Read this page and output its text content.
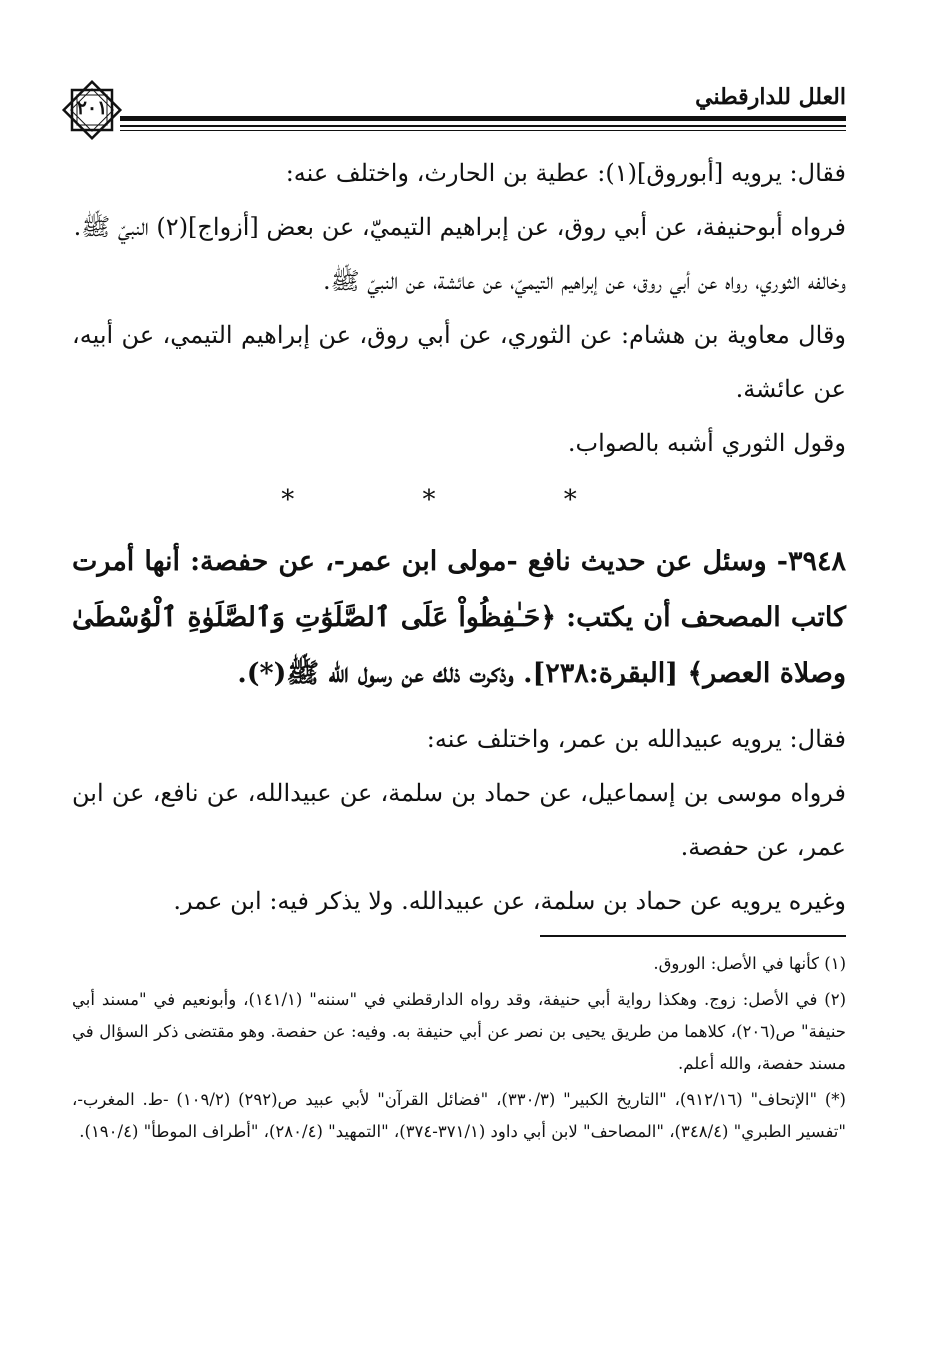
العلل للدارقطني
٢٠١

فقال: يرويه [أبوروق](١): عطية بن الحارث، واختلف عنه:

فرواه أبوحنيفة، عن أبي روق، عن إبراهيم التيميّ، عن بعض [أزواج](٢) النبيّ ﷺ.

وخالفه الثوري، رواه عن أبي روق، عن إبراهيم التيميّ، عن عائشة، عن النبيّ ﷺ.

وقال معاوية بن هشام: عن الثوري، عن أبي روق، عن إبراهيم التيمي، عن أبيه، عن عائشة.

وقول الثوري أشبه بالصواب.

* * *

٣٩٤٨- وسئل عن حديث نافع -مولى ابن عمر-، عن حفصة: أنها أمرت كاتب المصحف أن يكتب: ﴿حَـٰفِظُواْ عَلَى ٱلصَّلَوَٰتِ وَٱلصَّلَوٰةِ ٱلْوُسْطَىٰ وصلاة العصر﴾ [البقرة:٢٣٨]. وذكرت ذلك عن رسول الله ﷺ(*).

فقال: يرويه عبيدالله بن عمر، واختلف عنه:

فرواه موسى بن إسماعيل، عن حماد بن سلمة، عن عبيدالله، عن نافع، عن ابن عمر، عن حفصة.

وغيره يرويه عن حماد بن سلمة، عن عبيدالله. ولا يذكر فيه: ابن عمر.

(١) كأنها في الأصل: الوروق.

(٢) في الأصل: زوج. وهكذا رواية أبي حنيفة، وقد رواه الدارقطني في "سننه" (١٤١/١)، وأبونعيم في "مسند أبي حنيفة" ص(٢٠٦)، كلاهما من طريق يحيى بن نصر عن أبي حنيفة به. وفيه: عن حفصة. وهو مقتضى ذكر السؤال في مسند حفصة، والله أعلم.

(*) "الإتحاف" (٩١٢/١٦)، "التاريخ الكبير" (٣٣٠/٣)، "فضائل القرآن" لأبي عبيد ص(٢٩٢) (١٠٩/٢) -ط. المغرب-، "تفسير الطبري" (٣٤٨/٤)، "المصاحف" لابن أبي داود (٣٧١/١-٣٧٤)، "التمهيد" (٢٨٠/٤)، "أطراف الموطأ" (١٩٠/٤).
